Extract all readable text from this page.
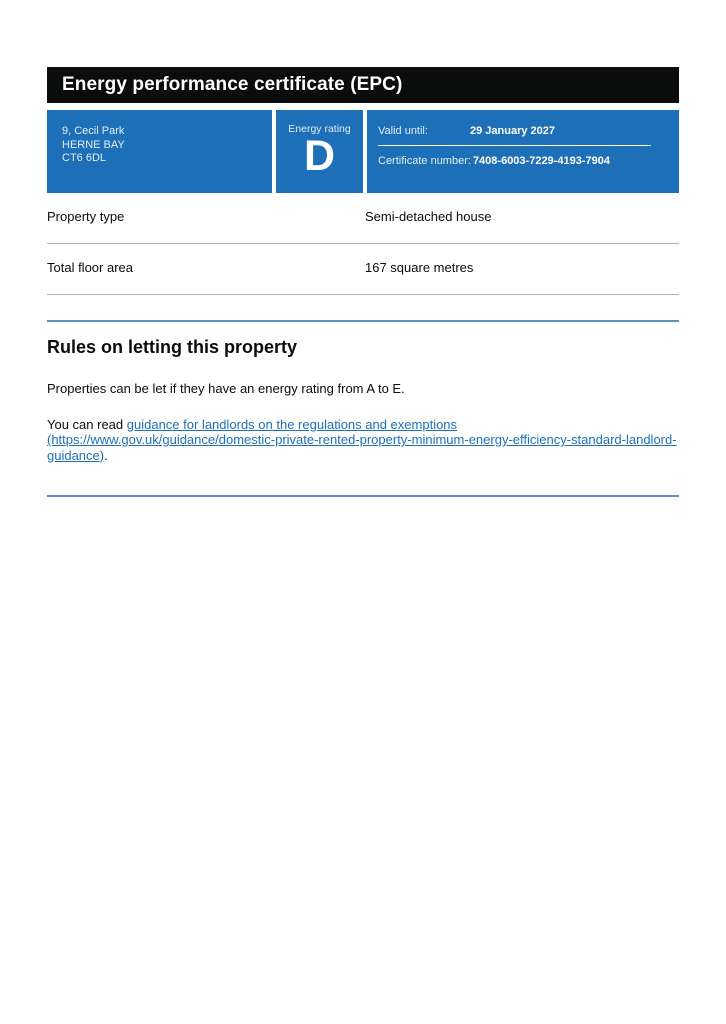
Energy performance certificate (EPC)
9, Cecil Park
HERNE BAY
CT6 6DL
Energy rating
D
Valid until:	29 January 2027
Certificate number: 7408-6003-7229-4193-7904
Property type	Semi-detached house
Total floor area	167 square metres
Rules on letting this property

Properties can be let if they have an energy rating from A to E.

You can read guidance for landlords on the regulations and exemptions (https://www.gov.uk/guidance/domestic-private-rented-property-minimum-energy-efficiency-standard-landlord-guidance).
